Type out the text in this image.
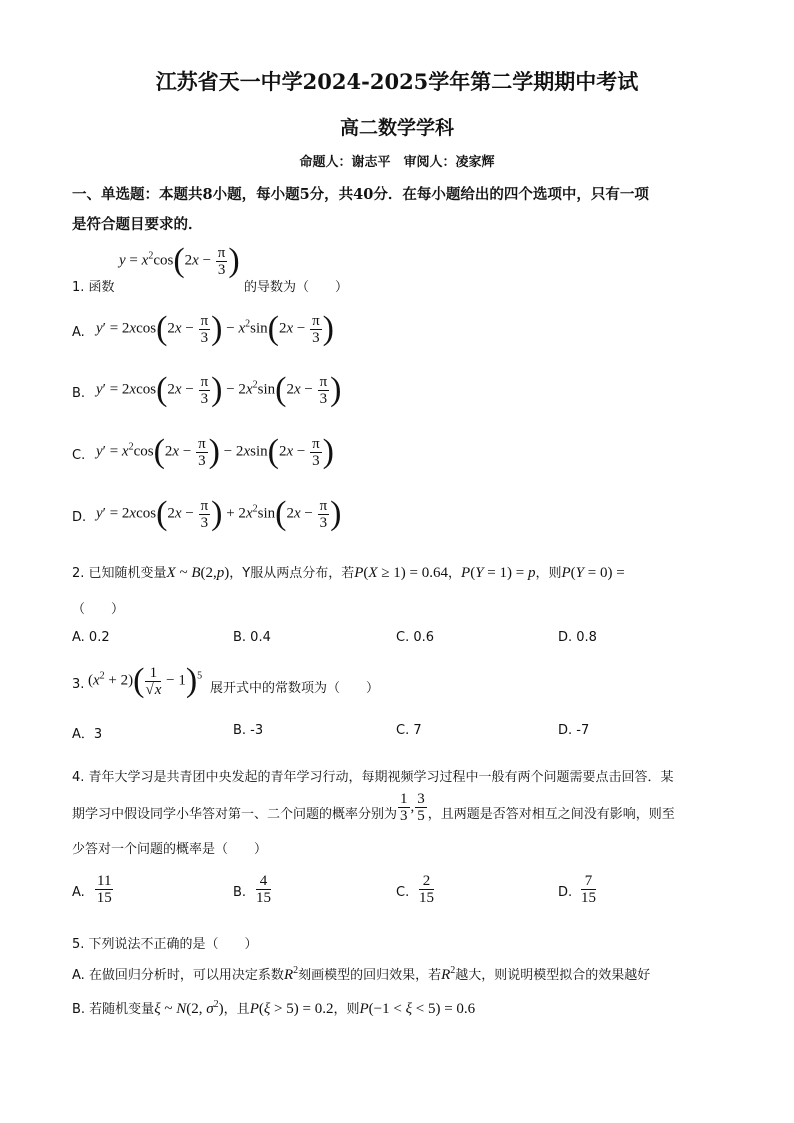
江苏省天一中学2024-2025学年第二学期期中考试
高二数学学科
命题人：谢志平　审阅人：凌家辉
一、单选题：本题共8小题，每小题5分，共40分．在每小题给出的四个选项中，只有一项
是符合题目要求的．
$y = x^2\cos(2x - \frac{\pi}{3}$ )
1. 函数	的导数为（　　）
A. $y' = 2xcos(2x - \frac{\pi}{3}$ ) − $x^2\sin(2x - \frac{\pi}{3}$ )
B. $y' = 2xcos(2x - \frac{\pi}{3}$ ) − $2x^2\sin(2x - \frac{\pi}{3}$ )
C. $y' = x^2\cos(2x - \frac{\pi}{3}$ ) − $2xsin(2x - \frac{\pi}{3}$ )
D. $y' = 2xcos(2x - \frac{\pi}{3}$ ) + $2x^2\sin(2x - \frac{\pi}{3}$ )
2. 已知随机变量X ~ B(2,p)，Y服从两点分布，若P(X ≥ 1) = 0.64，P(Y = 1) = p，则P(Y = 0) =
（　　）
A. 0.2	B. 0.4	C. 0.6	D. 0.8
3. $(x^2 + 2)( \frac{1}{√x} - 1)^5$
展开式中的常数项为（　　）
A．3	B. -3	C. 7	D. -7
4. 青年大学习是共青团中央发起的青年学习行动，每期视频学习过程中一般有两个问题需要点击回答．某
期学习中假设同学小华答对第一、二个问题的概率分别为 $\frac{1}{3}$ , $\frac{3}{5}$ ，且两题是否答对相互之间没有影响，则至
少答对一个问题的概率是（　　）
A. $\frac{11}{15}$	B. $\frac{4}{15}$	C. $\frac{2}{15}$	D. $\frac{7}{15}$
5. 下列说法不正确的是（　　）
A. 在做回归分析时，可以用决定系数$R^2$刻画模型的回归效果，若$R^2$越大，则说明模型拟合的效果越好
B. 若随机变量ξ ~ N(2, $\sigma^2$)，且P(ξ > 5) = 0.2，则P(−1 < ξ < 5) = 0.6
